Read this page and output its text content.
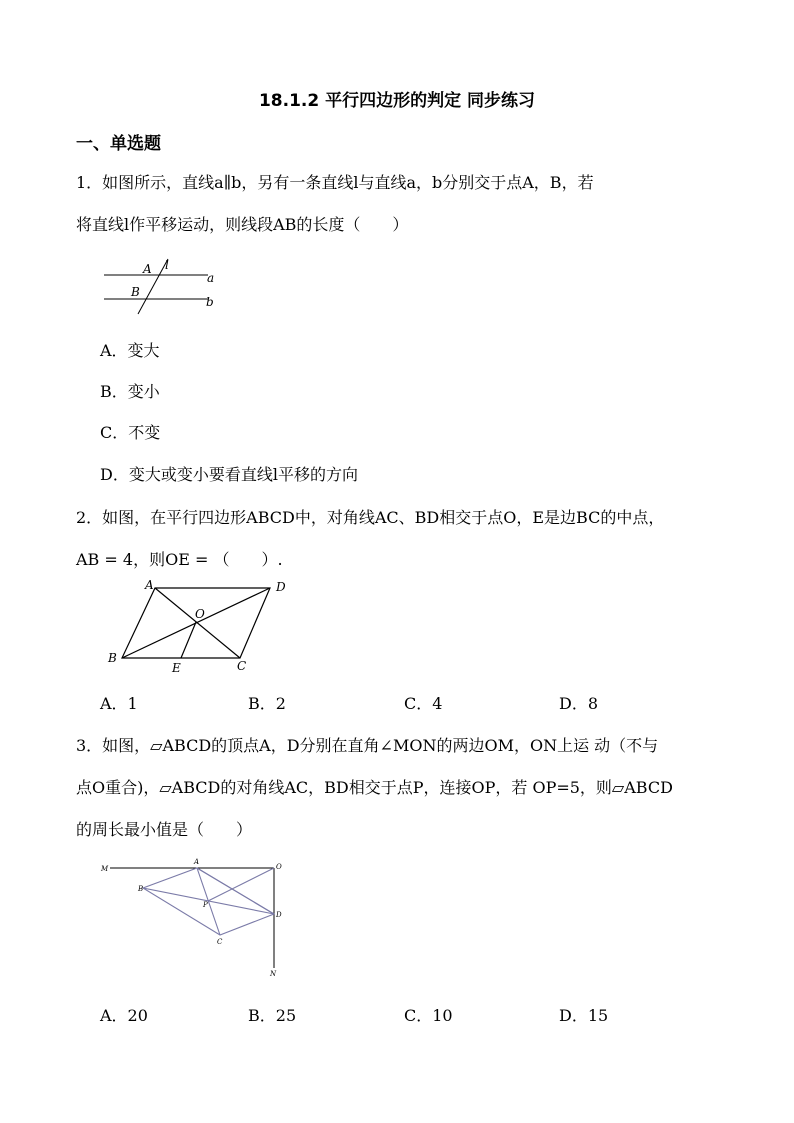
18.1.2 平行四边形的判定 同步练习
一、单选题
1．如图所示，直线a∥b，另有一条直线l与直线a，b分别交于点A，B，若
将直线l作平移运动，则线段AB的长度（　　）
A l
a
B
b
A．变大
B．变小
C．不变
D．变大或变小要看直线l平移的方向
2．如图，在平行四边形ABCD中，对角线AC、BD相交于点O，E是边BC的中点，
AB = 4，则OE = （　　）.
A	D
O
B
E	C
A．1	B．2	C．4	D．8
3．如图，▱ABCD的顶点A，D分别在直角∠MON的两边OM，ON上运 动（不与
点O重合)，▱ABCD的对角线AC，BD相交于点P，连接OP，若 OP=5，则▱ABCD
的周长最小值是（　　）
M
A
O
B
P
D
C
N
A．20	B．25	C．10	D．15
